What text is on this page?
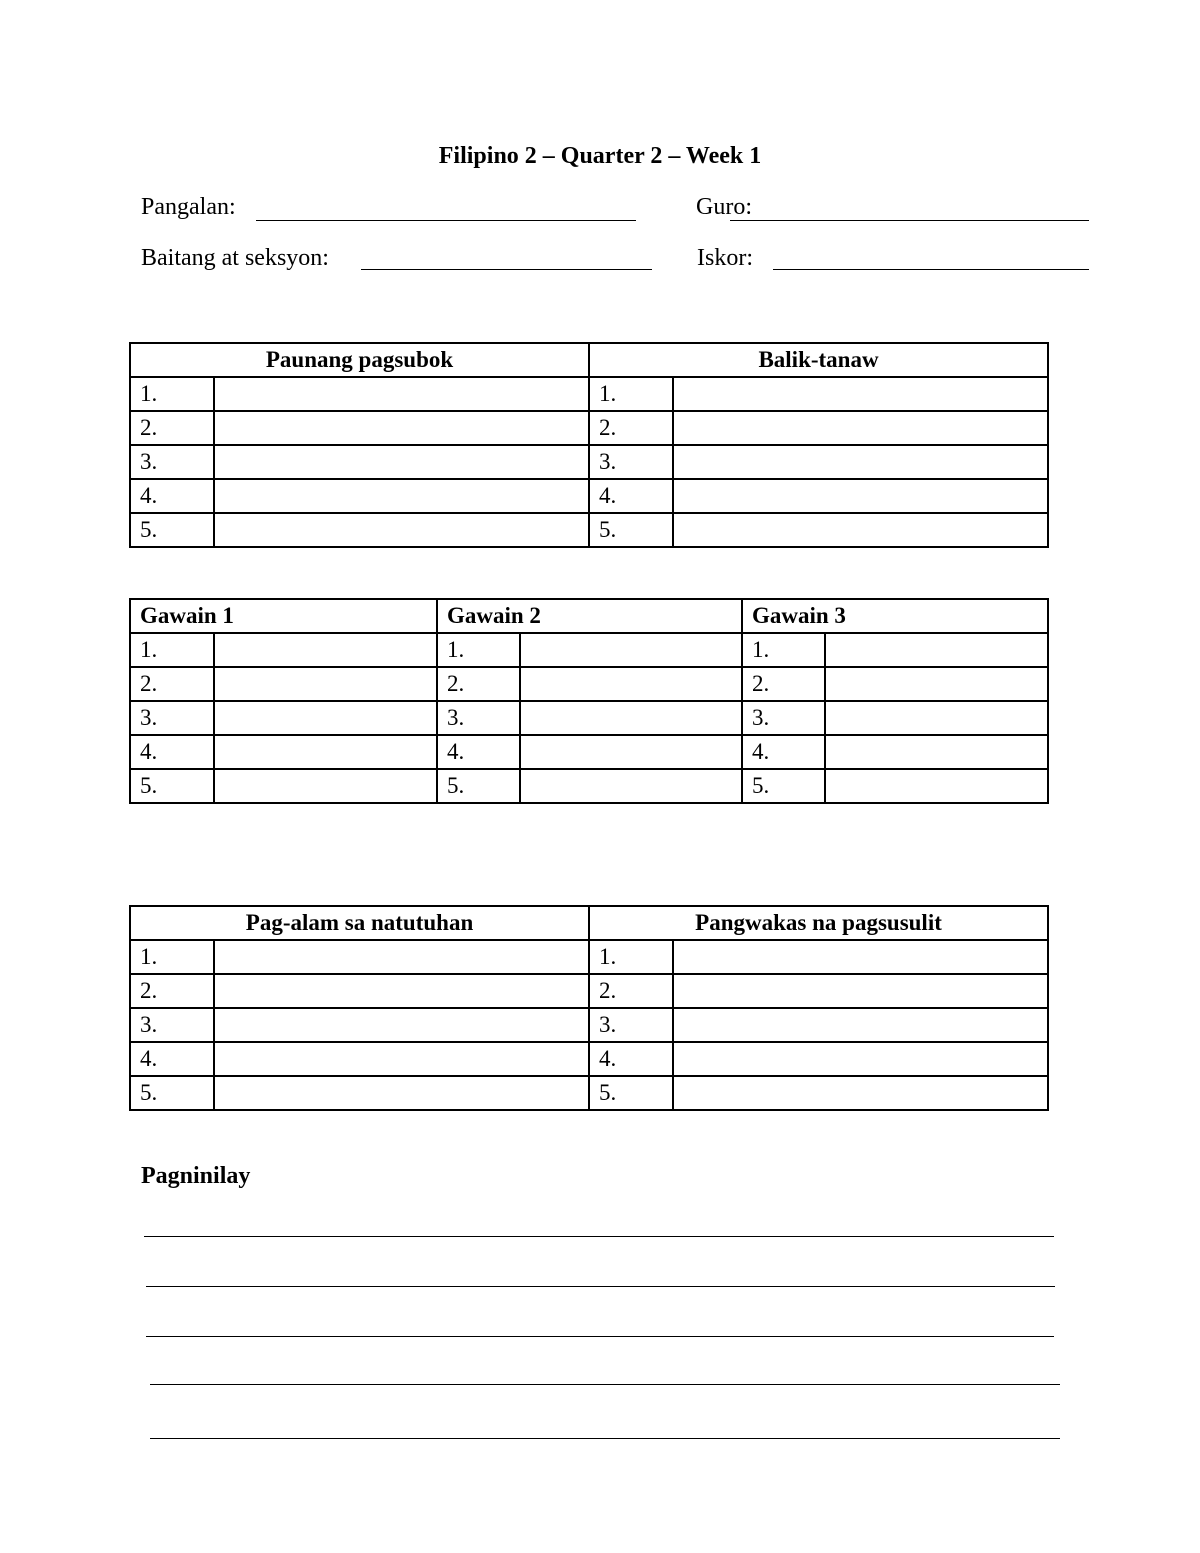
Filipino 2 – Quarter 2 – Week 1
Pangalan:	Guro:
Baitang at seksyon:	Iskor:
Paunang pagsubok		Balik-tanaw	
1.		1.	
2.		2.	
3.		3.	
4.		4.	
5.		5.	
Gawain 1		Gawain 2		Gawain 3	
1.		1.		1.	
2.		2.		2.	
3.		3.		3.	
4.		4.		4.	
5.		5.		5.	
Pag-alam sa natutuhan		Pangwakas na pagsusulit	
1.		1.	
2.		2.	
3.		3.	
4.		4.	
5.		5.	
Pagninilay
